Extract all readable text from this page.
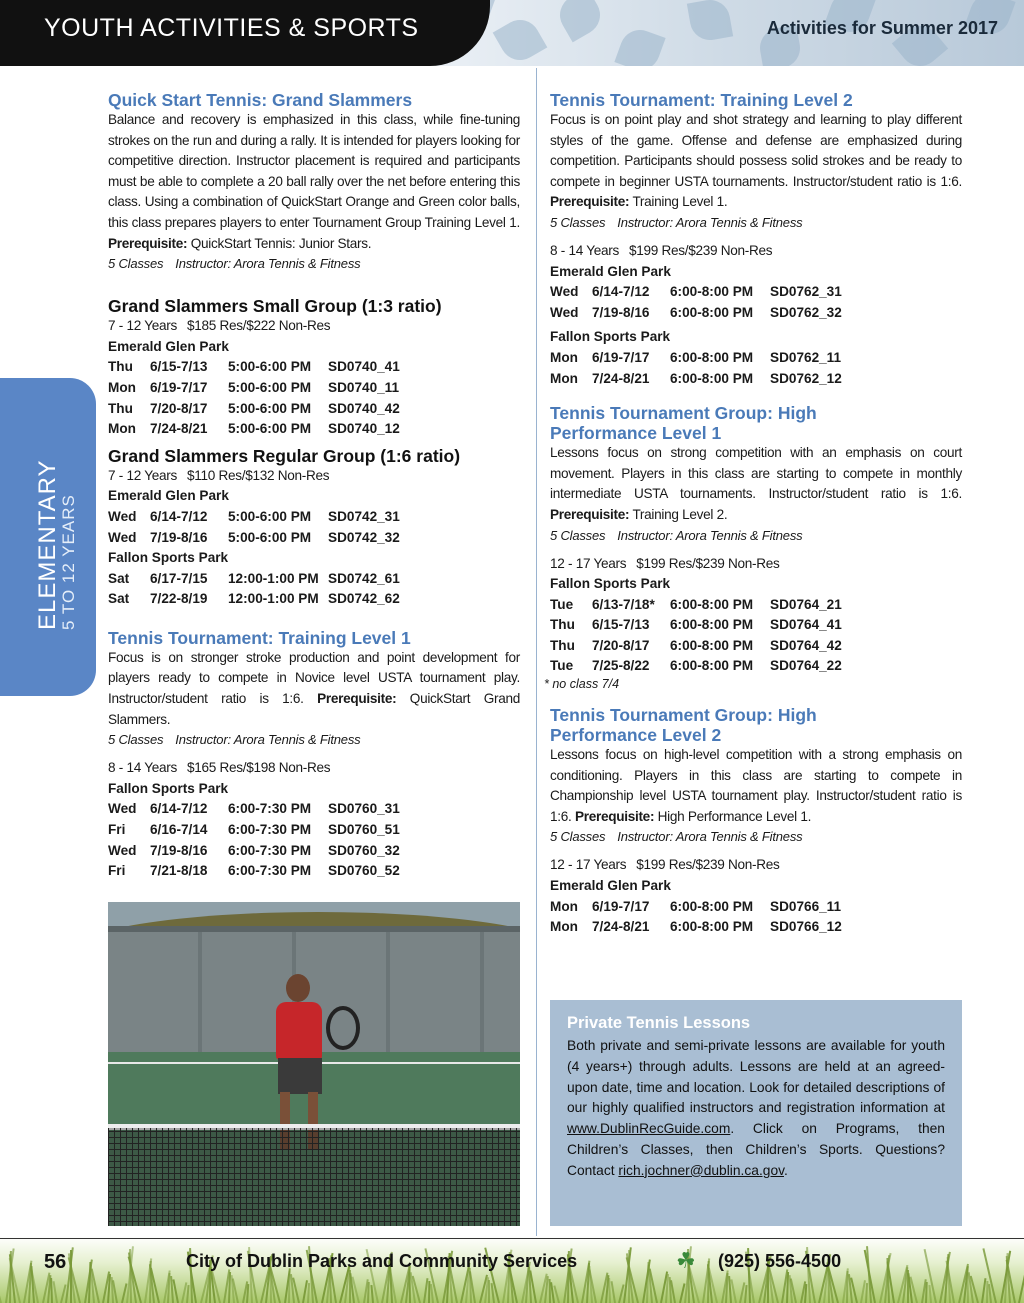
YOUTH ACTIVITIES & SPORTS	Activities for Summer 2017
ELEMENTARY
5 TO 12 YEARS

Quick Start Tennis: Grand Slammers

Balance and recovery is emphasized in this class, while fine-tuning strokes on the run and during a rally. It is intended for players looking for competitive direction. Instructor placement is required and participants must be able to complete a 20 ball rally over the net before entering this class. Using a combination of QuickStart Orange and Green color balls, this class prepares players to enter Tournament Group Training Level 1. Prerequisite: QuickStart Tennis: Junior Stars.

5 Classes Instructor: Arora Tennis & Fitness

Grand Slammers Small Group (1:3 ratio)

7 - 12 Years $185 Res/$222 Non-Res

Emerald Glen Park

Thu 6/15-7/13 5:00-6:00 PM SD0740_41

Mon 6/19-7/17 5:00-6:00 PM SD0740_11

Thu 7/20-8/17 5:00-6:00 PM SD0740_42

Mon 7/24-8/21 5:00-6:00 PM SD0740_12

Grand Slammers Regular Group (1:6 ratio)

7 - 12 Years $110 Res/$132 Non-Res

Emerald Glen Park

Wed 6/14-7/12 5:00-6:00 PM SD0742_31

Wed 7/19-8/16 5:00-6:00 PM SD0742_32

Fallon Sports Park

Sat 6/17-7/15 12:00-1:00 PM SD0742_61

Sat 7/22-8/19 12:00-1:00 PM SD0742_62

Tennis Tournament: Training Level 1

Focus is on stronger stroke production and point development for players ready to compete in Novice level USTA tournament play. Instructor/student ratio is 1:6. Prerequisite: QuickStart Grand Slammers.

5 Classes Instructor: Arora Tennis & Fitness

8 - 14 Years $165 Res/$198 Non-Res

Fallon Sports Park

Wed 6/14-7/12 6:00-7:30 PM SD0760_31

Fri 6/16-7/14 6:00-7:30 PM SD0760_51

Wed 7/19-8/16 6:00-7:30 PM SD0760_32

Fri 7/21-8/18 6:00-7:30 PM SD0760_52

Tennis Tournament: Training Level 2

Focus is on point play and shot strategy and learning to play different styles of the game. Offense and defense are emphasized during competition. Participants should possess solid strokes and be ready to compete in beginner USTA tournaments. Instructor/student ratio is 1:6. Prerequisite: Training Level 1.

5 Classes Instructor: Arora Tennis & Fitness

8 - 14 Years $199 Res/$239 Non-Res

Emerald Glen Park

Wed 6/14-7/12 6:00-8:00 PM SD0762_31

Wed 7/19-8/16 6:00-8:00 PM SD0762_32

Fallon Sports Park

Mon 6/19-7/17 6:00-8:00 PM SD0762_11

Mon 7/24-8/21 6:00-8:00 PM SD0762_12

Tennis Tournament Group: High

Performance Level 1

Lessons focus on strong competition with an emphasis on court movement. Players in this class are starting to compete in monthly intermediate USTA tournaments. Instructor/student ratio is 1:6. Prerequisite: Training Level 2.

5 Classes Instructor: Arora Tennis & Fitness

12 - 17 Years $199 Res/$239 Non-Res

Fallon Sports Park

Tue 6/13-7/18* 6:00-8:00 PM SD0764_21

Thu 6/15-7/13 6:00-8:00 PM SD0764_41

Thu 7/20-8/17 6:00-8:00 PM SD0764_42

Tue 7/25-8/22 6:00-8:00 PM SD0764_22

* no class 7/4

Tennis Tournament Group: High

Performance Level 2

Lessons focus on high-level competition with a strong emphasis on conditioning. Players in this class are starting to compete in Championship level USTA tournament play. Instructor/student ratio is 1:6. Prerequisite: High Performance Level 1.

5 Classes Instructor: Arora Tennis & Fitness

12 - 17 Years $199 Res/$239 Non-Res

Emerald Glen Park

Mon 6/19-7/17 6:00-8:00 PM SD0766_11

Mon 7/24-8/21 6:00-8:00 PM SD0766_12

Private Tennis Lessons

Both private and semi-private lessons are available for youth (4 years+) through adults. Lessons are held at an agreed-upon date, time and location. Look for detailed descriptions of our highly qualified instructors and registration information at www.DublinRecGuide.com. Click on Programs, then Children’s Classes, then Children’s Sports. Questions? Contact rich.jochner@dublin.ca.gov.

56	City of Dublin Parks and Community Services	☘ (925) 556-4500
